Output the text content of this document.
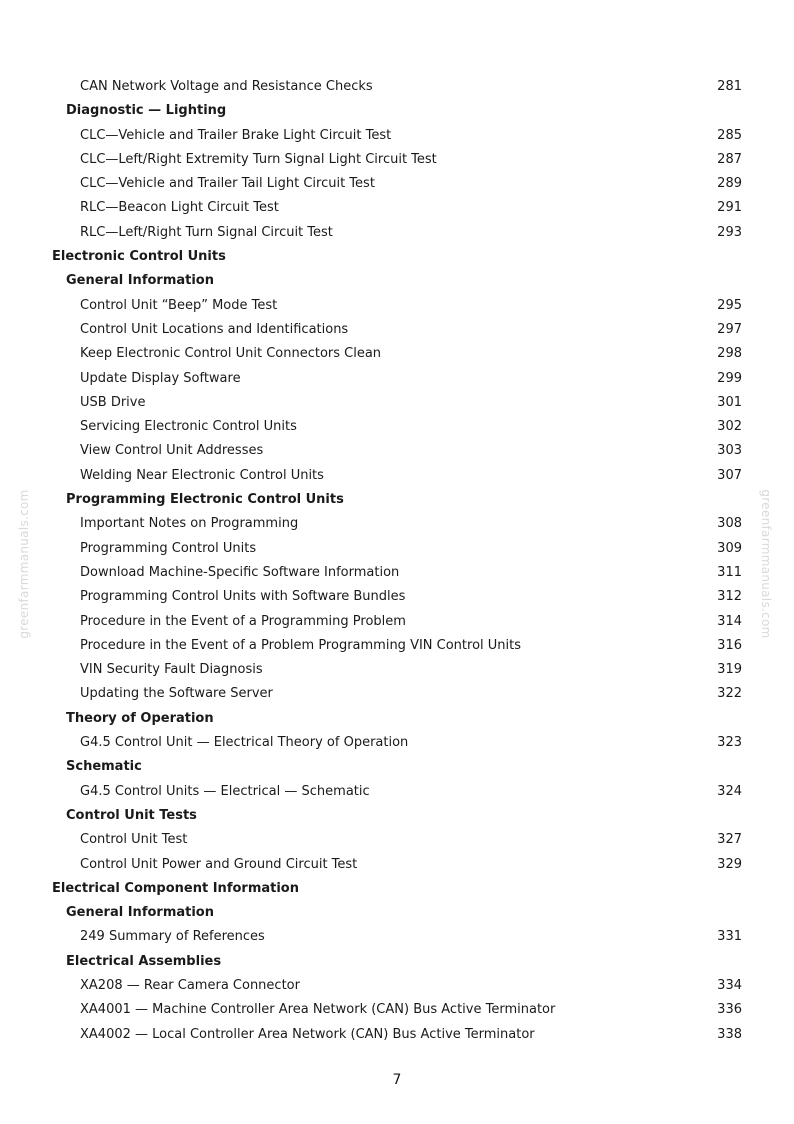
CAN Network Voltage and Resistance Checks	281
Diagnostic — Lighting
CLC—Vehicle and Trailer Brake Light Circuit Test	285
CLC—Left/Right Extremity Turn Signal Light Circuit Test	287
CLC—Vehicle and Trailer Tail Light Circuit Test	289
RLC—Beacon Light Circuit Test	291
RLC—Left/Right Turn Signal Circuit Test	293
Electronic Control Units
General Information
Control Unit “Beep” Mode Test	295
Control Unit Locations and Identifications	297
Keep Electronic Control Unit Connectors Clean	298
Update Display Software	299
USB Drive	301
Servicing Electronic Control Units	302
View Control Unit Addresses	303
Welding Near Electronic Control Units	307
Programming Electronic Control Units
Important Notes on Programming	308
Programming Control Units	309
Download Machine-Specific Software Information	311
Programming Control Units with Software Bundles	312
Procedure in the Event of a Programming Problem	314
Procedure in the Event of a Problem Programming VIN Control Units	316
VIN Security Fault Diagnosis	319
Updating the Software Server	322
Theory of Operation
G4.5 Control Unit — Electrical Theory of Operation	323
Schematic
G4.5 Control Units — Electrical — Schematic	324
Control Unit Tests
Control Unit Test	327
Control Unit Power and Ground Circuit Test	329
Electrical Component Information
General Information
249 Summary of References	331
Electrical Assemblies
XA208 — Rear Camera Connector	334
XA4001 — Machine Controller Area Network (CAN) Bus Active Terminator	336
XA4002 — Local Controller Area Network (CAN) Bus Active Terminator	338
greenfarmmanuals.com	greenfarmmanuals.com
7
